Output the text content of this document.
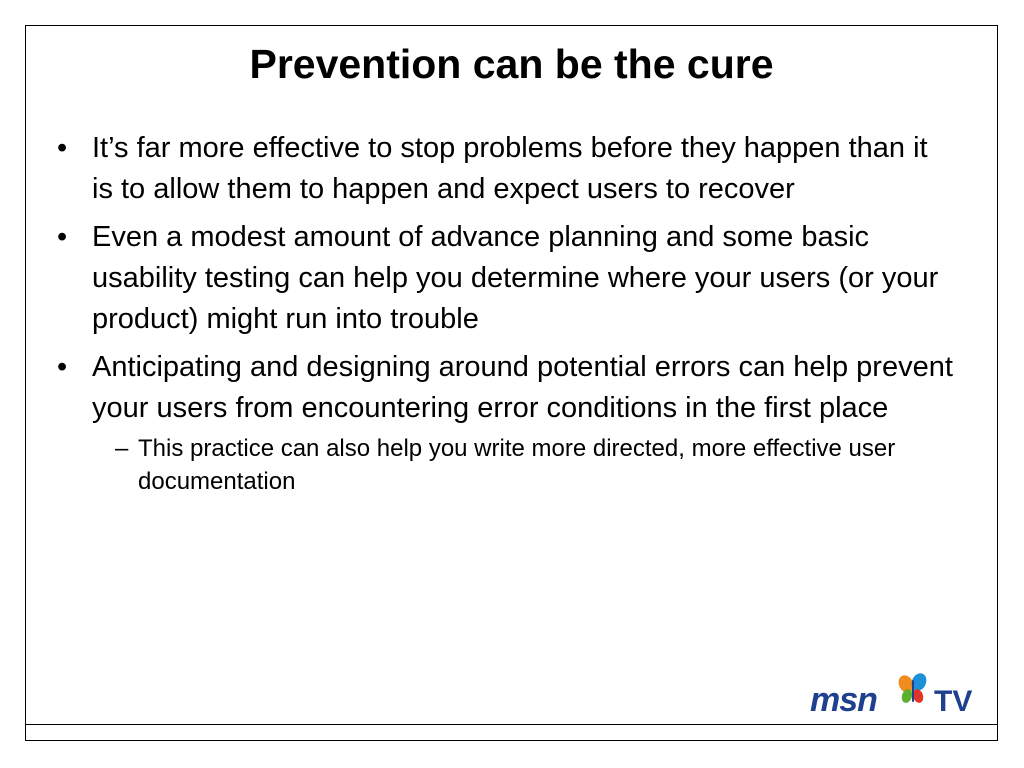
Prevention can be the cure
• It’s far more effective to stop problems before they happen than it is to allow them to happen and expect users to recover
• Even a modest amount of advance planning and some basic usability testing can help you determine where your users (or your product) might run into trouble
• Anticipating and designing around potential errors can help prevent your users from encountering error conditions in the first place
– This practice can also help you write more directed, more effective user documentation
msn TV
